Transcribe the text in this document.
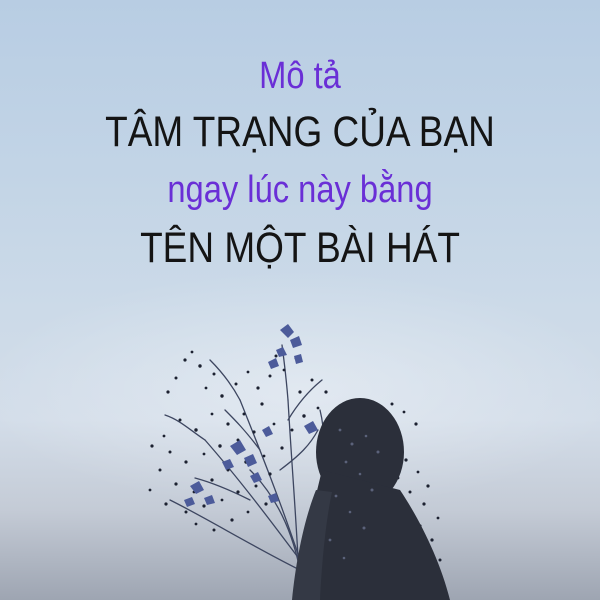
Mô tả
TÂM TRẠNG CỦA BẠN
ngay lúc này bằng
TÊN MỘT BÀI HÁT
